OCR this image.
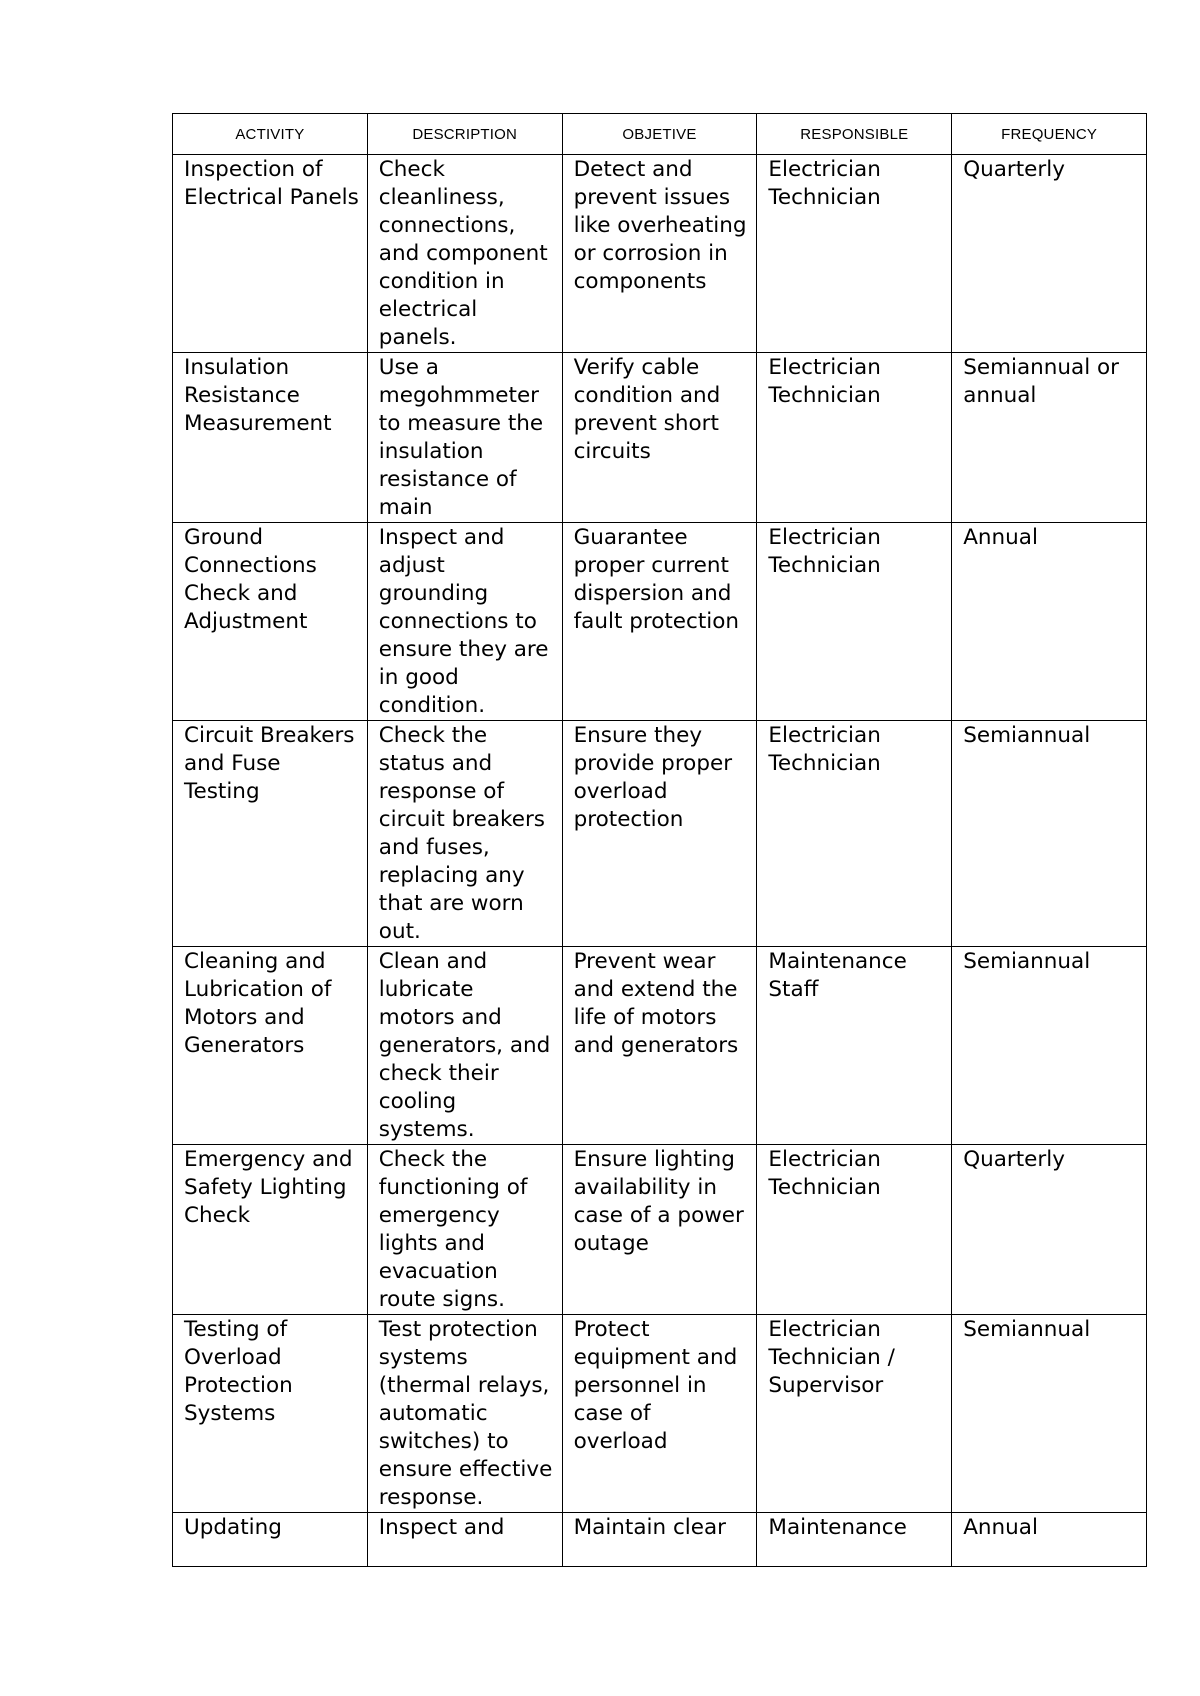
ACTIVITY	DESCRIPTION	OBJETIVE	RESPONSIBLE	FREQUENCY
Inspection of Electrical Panels	Check cleanliness, connections, and component condition in electrical panels.	Detect and prevent issues like overheating or corrosion in components	Electrician Technician	Quarterly
Insulation Resistance Measurement	Use a megohmmeter to measure the insulation resistance of main	Verify cable condition and prevent short circuits	Electrician Technician	Semiannual or annual
Ground Connections Check and Adjustment	Inspect and adjust grounding connections to ensure they are in good condition.	Guarantee proper current dispersion and fault protection	Electrician Technician	Annual
Circuit Breakers and Fuse Testing	Check the status and response of circuit breakers and fuses, replacing any that are worn out.	Ensure they provide proper overload protection	Electrician Technician	Semiannual
Cleaning and Lubrication of Motors and Generators	Clean and lubricate motors and generators, and check their cooling systems.	Prevent wear and extend the life of motors and generators	Maintenance Staff	Semiannual
Emergency and Safety Lighting Check	Check the functioning of emergency lights and evacuation route signs.	Ensure lighting availability in case of a power outage	Electrician Technician	Quarterly
Testing of Overload Protection Systems	Test protection systems (thermal relays, automatic switches) to ensure effective response.	Protect equipment and personnel in case of overload	Electrician Technician / Supervisor	Semiannual
Updating	Inspect and	Maintain clear	Maintenance	Annual
